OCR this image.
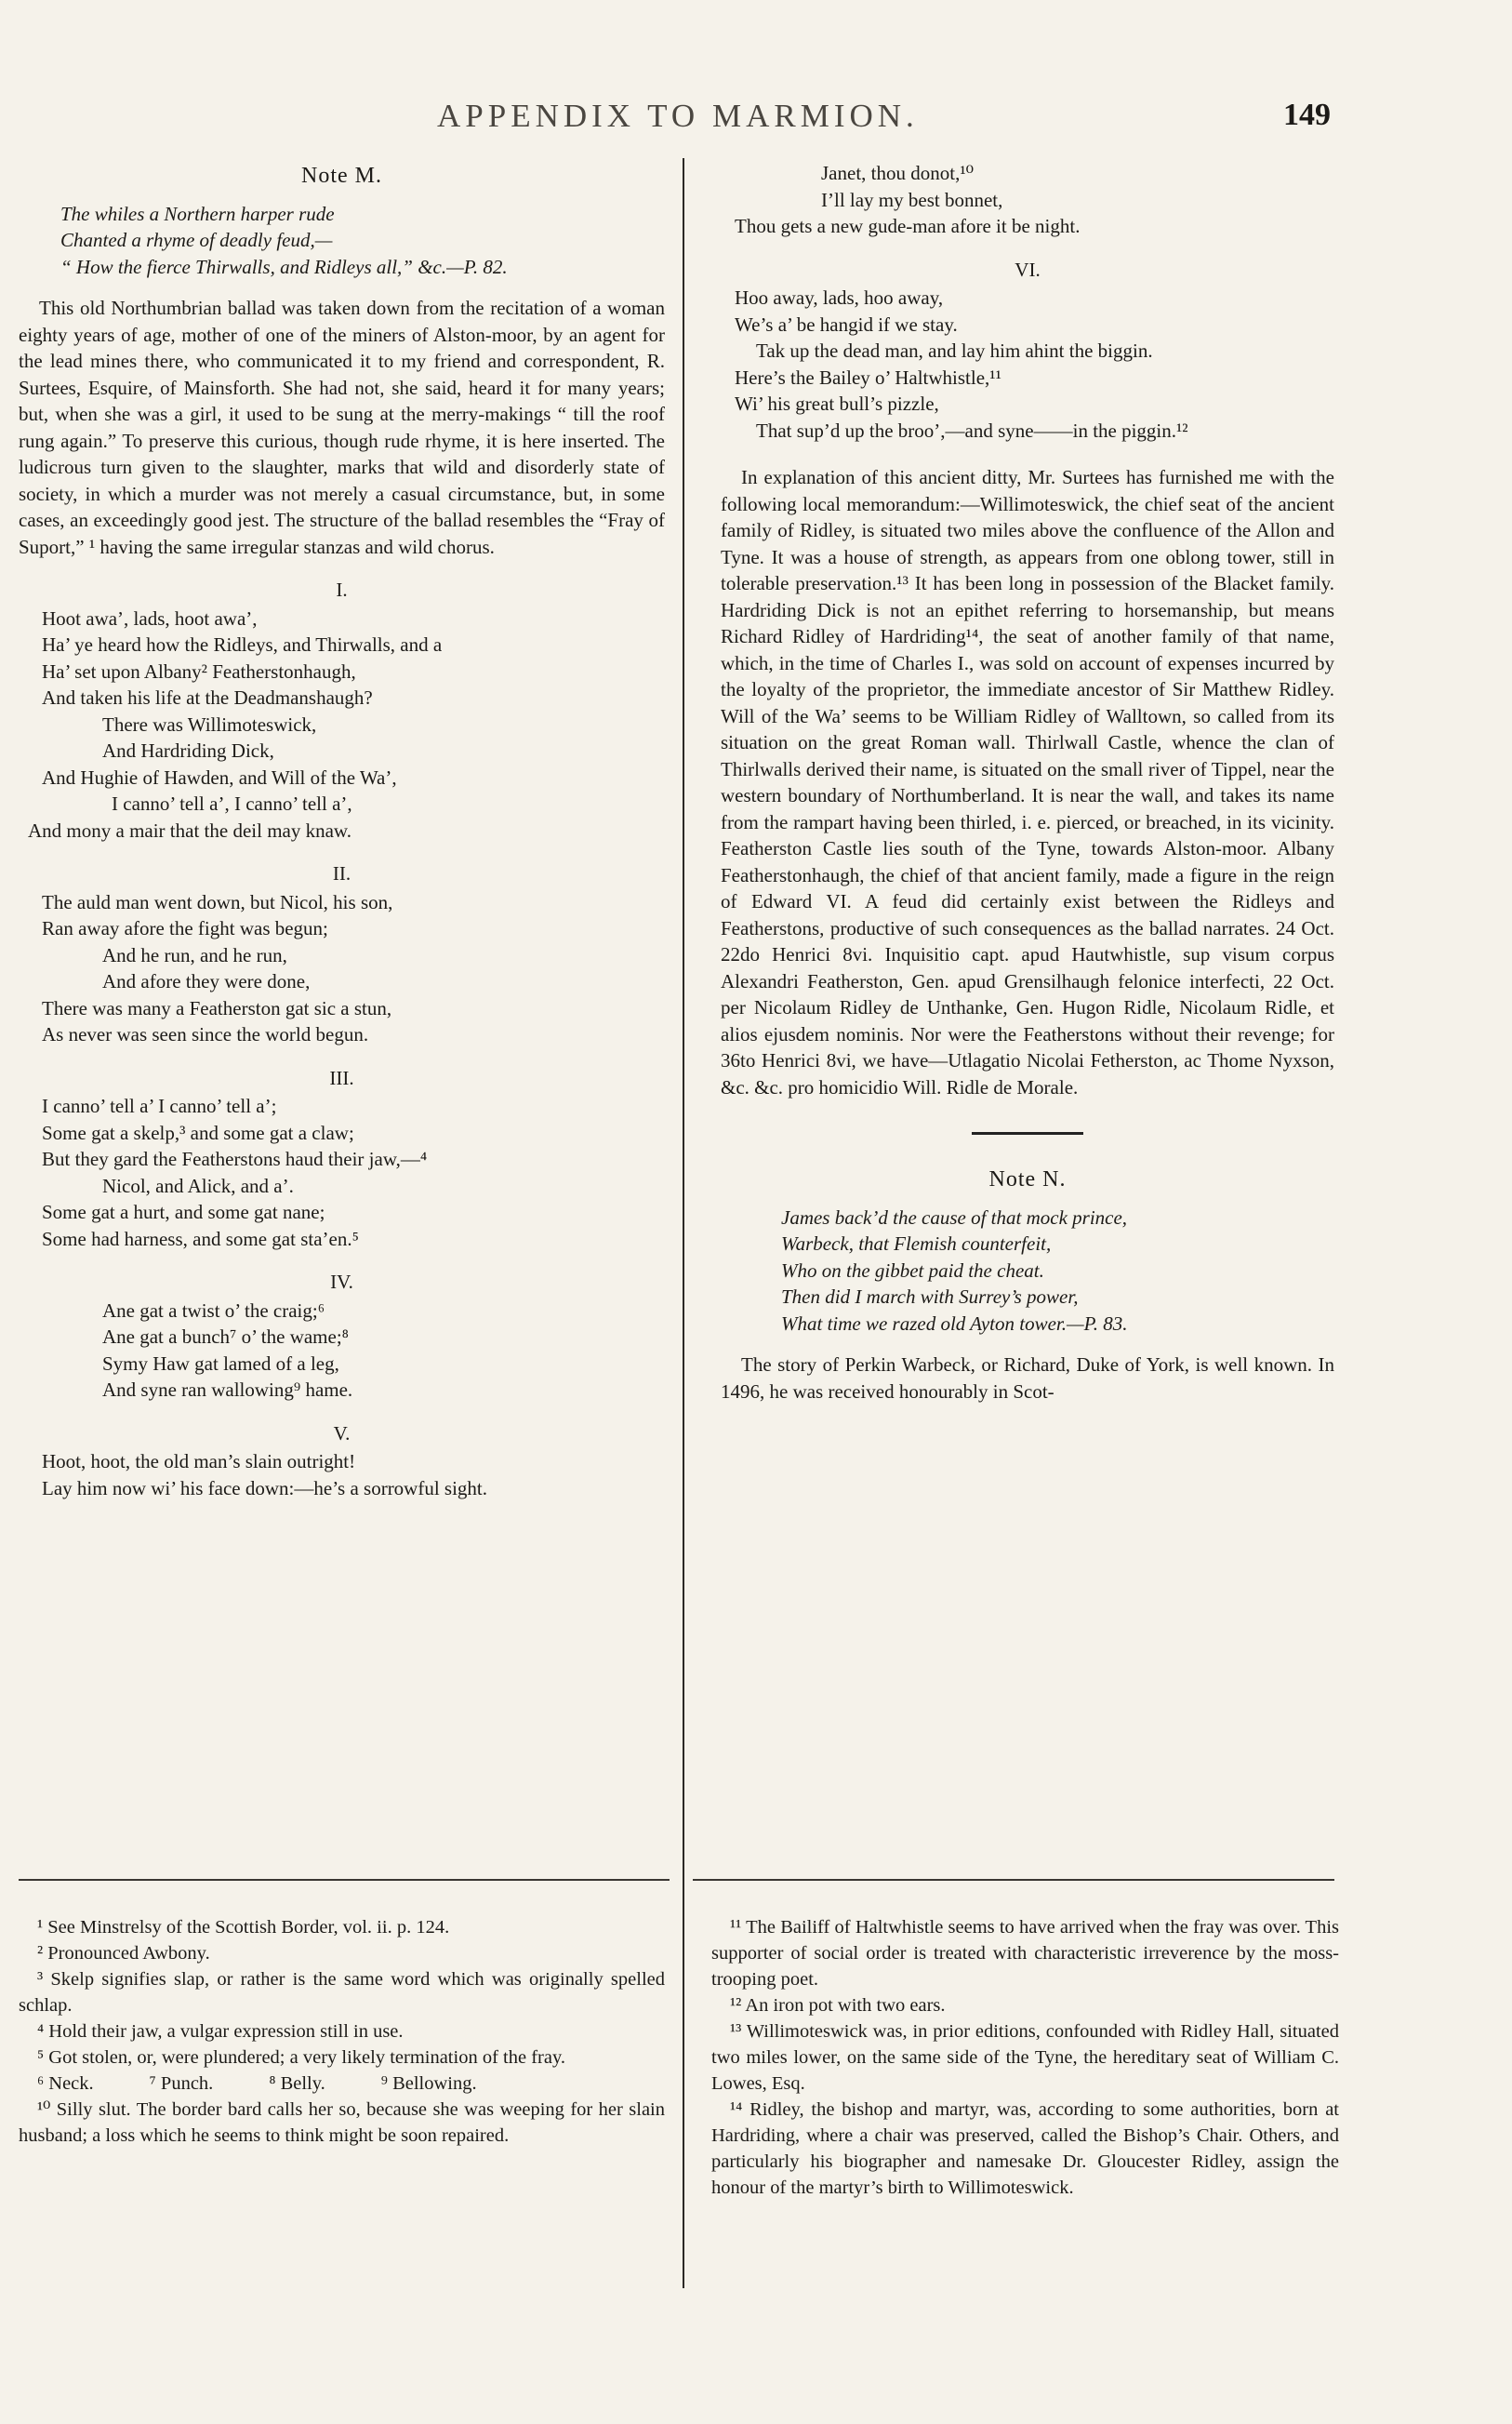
APPENDIX TO MARMION.	149
Note M.
The whiles a Northern harper rude
Chanted a rhyme of deadly feud,—
“ How the fierce Thirwalls, and Ridleys all,” &c.—P. 82.

This old Northumbrian ballad was taken down from the recitation of a woman eighty years of age, mother of one of the miners of Alston-moor, by an agent for the lead mines there, who communicated it to my friend and correspondent, R. Surtees, Esquire, of Mainsforth. She had not, she said, heard it for many years; but, when she was a girl, it used to be sung at the merry-makings “ till the roof rung again.” To preserve this curious, though rude rhyme, it is here inserted. The ludicrous turn given to the slaughter, marks that wild and disorderly state of society, in which a murder was not merely a casual circumstance, but, in some cases, an exceedingly good jest. The structure of the ballad resembles the “Fray of Suport,” ¹ having the same irregular stanzas and wild chorus.

I.
Hoot awa’, lads, hoot awa’,
Ha’ ye heard how the Ridleys, and Thirwalls, and a
Ha’ set upon Albany² Featherstonhaugh,
And taken his life at the Deadmanshaugh?
There was Willimoteswick,
And Hardriding Dick,
And Hughie of Hawden, and Will of the Wa’,
I canno’ tell a’, I canno’ tell a’,
And mony a mair that the deil may knaw.
II.
The auld man went down, but Nicol, his son,
Ran away afore the fight was begun;
And he run, and he run,
And afore they were done,
There was many a Featherston gat sic a stun,
As never was seen since the world begun.
III.
I canno’ tell a’ I canno’ tell a’;
Some gat a skelp,³ and some gat a claw;
But they gard the Featherstons haud their jaw,—⁴
Nicol, and Alick, and a’.
Some gat a hurt, and some gat nane;
Some had harness, and some gat sta’en.⁵
IV.
Ane gat a twist o’ the craig;⁶
Ane gat a bunch⁷ o’ the wame;⁸
Symy Haw gat lamed of a leg,
And syne ran wallowing⁹ hame.
V.
Hoot, hoot, the old man’s slain outright!
Lay him now wi’ his face down:—he’s a sorrowful sight.
Janet, thou donot,¹⁰
I’ll lay my best bonnet,
Thou gets a new gude-man afore it be night.
VI.
Hoo away, lads, hoo away,
We’s a’ be hangid if we stay.
Tak up the dead man, and lay him ahint the biggin.
Here’s the Bailey o’ Haltwhistle,¹¹
Wi’ his great bull’s pizzle,
That sup’d up the broo’,—and syne——in the piggin.¹²

In explanation of this ancient ditty, Mr. Surtees has furnished me with the following local memorandum:—Willimoteswick, the chief seat of the ancient family of Ridley, is situated two miles above the confluence of the Allon and Tyne. It was a house of strength, as appears from one oblong tower, still in tolerable preservation.¹³ It has been long in possession of the Blacket family. Hardriding Dick is not an epithet referring to horsemanship, but means Richard Ridley of Hardriding¹⁴, the seat of another family of that name, which, in the time of Charles I., was sold on account of expenses incurred by the loyalty of the proprietor, the immediate ancestor of Sir Matthew Ridley. Will of the Wa’ seems to be William Ridley of Walltown, so called from its situation on the great Roman wall. Thirlwall Castle, whence the clan of Thirlwalls derived their name, is situated on the small river of Tippel, near the western boundary of Northumberland. It is near the wall, and takes its name from the rampart having been thirled, i. e. pierced, or breached, in its vicinity. Featherston Castle lies south of the Tyne, towards Alston-moor. Albany Featherstonhaugh, the chief of that ancient family, made a figure in the reign of Edward VI. A feud did certainly exist between the Ridleys and Featherstons, productive of such consequences as the ballad narrates. 24 Oct. 22do Henrici 8vi. Inquisitio capt. apud Hautwhistle, sup visum corpus Alexandri Featherston, Gen. apud Grensilhaugh felonice interfecti, 22 Oct. per Nicolaum Ridley de Unthanke, Gen. Hugon Ridle, Nicolaum Ridle, et alios ejusdem nominis. Nor were the Featherstons without their revenge; for 36to Henrici 8vi, we have—Utlagatio Nicolai Fetherston, ac Thome Nyxson, &c. &c. pro homicidio Will. Ridle de Morale.

Note N.
James back’d the cause of that mock prince,
Warbeck, that Flemish counterfeit,
Who on the gibbet paid the cheat.
Then did I march with Surrey’s power,
What time we razed old Ayton tower.—P. 83.

The story of Perkin Warbeck, or Richard, Duke of York, is well known. In 1496, he was received honourably in Scot-

¹ See Minstrelsy of the Scottish Border, vol. ii. p. 124.

² Pronounced Awbony.

³ Skelp signifies slap, or rather is the same word which was originally spelled schlap.

⁴ Hold their jaw, a vulgar expression still in use.

⁵ Got stolen, or, were plundered; a very likely termination of the fray.

⁶ Neck.	⁷ Punch.	⁸ Belly.	⁹ Bellowing.

¹⁰ Silly slut. The border bard calls her so, because she was weeping for her slain husband; a loss which he seems to think might be soon repaired.

¹¹ The Bailiff of Haltwhistle seems to have arrived when the fray was over. This supporter of social order is treated with characteristic irreverence by the moss-trooping poet.

¹² An iron pot with two ears.

¹³ Willimoteswick was, in prior editions, confounded with Ridley Hall, situated two miles lower, on the same side of the Tyne, the hereditary seat of William C. Lowes, Esq.

¹⁴ Ridley, the bishop and martyr, was, according to some authorities, born at Hardriding, where a chair was preserved, called the Bishop’s Chair. Others, and particularly his biographer and namesake Dr. Gloucester Ridley, assign the honour of the martyr’s birth to Willimoteswick.
